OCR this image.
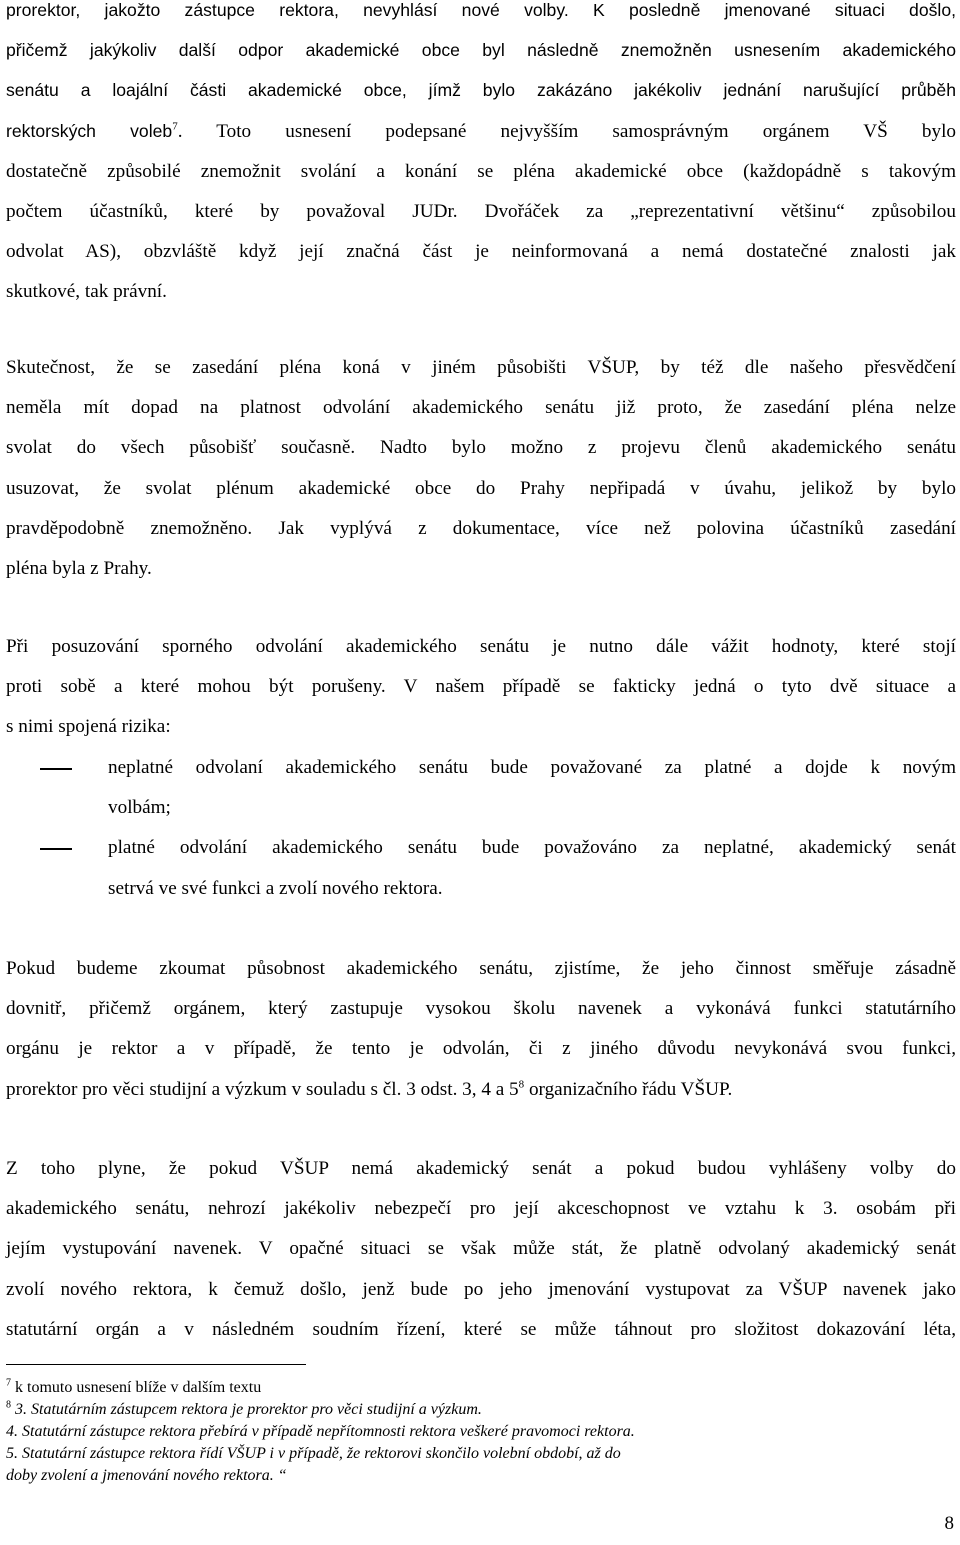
prorektor, jakožto zástupce rektora, nevyhlásí nové volby. K posledně jmenované situaci došlo,
přičemž jakýkoliv další odpor akademické obce byl následně znemožněn usnesením akademického
senátu a loajální části akademické obce, jímž bylo zakázáno jakékoliv jednání narušující průběh
rektorských voleb$^7$. Toto usnesení podepsané nejvyšším samosprávným orgánem VŠ bylo
dostatečně způsobilé znemožnit svolání a konání se pléna akademické obce (každopádně s takovým
počtem účastníků, které by považoval JUDr. Dvořáček za „reprezentativní většinu“ způsobilou
odvolat AS), obzvláště když její značná část je neinformovaná a nemá dostatečné znalosti jak
skutkové, tak právní.
Skutečnost, že se zasedání pléna koná v jiném působišti VŠUP, by též dle našeho přesvědčení
neměla mít dopad na platnost odvolání akademického senátu již proto, že zasedání pléna nelze
svolat do všech působišť současně. Nadto bylo možno z projevu členů akademického senátu
usuzovat, že svolat plénum akademické obce do Prahy nepřipadá v úvahu, jelikož by bylo
pravděpodobně znemožněno. Jak vyplývá z dokumentace, více než polovina účastníků zasedání
pléna byla z Prahy.
Při posuzování sporného odvolání akademického senátu je nutno dále vážit hodnoty, které stojí
proti sobě a které mohou být porušeny. V našem případě se fakticky jedná o tyto dvě situace a
s nimi spojená rizika:
neplatné odvolaní akademického senátu bude považované za platné a dojde k novým
volbám;
platné odvolání akademického senátu bude považováno za neplatné, akademický senát
setrvá ve své funkci a zvolí nového rektora.
Pokud budeme zkoumat působnost akademického senátu, zjistíme, že jeho činnost směřuje zásadně
dovnitř, přičemž orgánem, který zastupuje vysokou školu navenek a vykonává funkci statutárního
orgánu je rektor a v případě, že tento je odvolán, či z jiného důvodu nevykonává svou funkci,
prorektor pro věci studijní a výzkum v souladu s čl. 3 odst. 3, 4 a $5^8$ organizačního řádu VŠUP.
Z toho plyne, že pokud VŠUP nemá akademický senát a pokud budou vyhlášeny volby do
akademického senátu, nehrozí jakékoliv nebezpečí pro její akceschopnost ve vztahu k 3. osobám při
jejím vystupování navenek. V opačné situaci se však může stát, že platně odvolaný akademický senát
zvolí nového rektora, k čemuž došlo, jenž bude po jeho jmenování vystupovat za VŠUP navenek jako
statutární orgán a v následném soudním řízení, které se může táhnout pro složitost dokazování léta,
$^7$ k tomuto usnesení blíže v dalším textu
$^8$ 3. Statutárním zástupcem rektora je prorektor pro věci studijní a výzkum.
4. Statutární zástupce rektora přebírá v případě nepřítomnosti rektora veškeré pravomoci rektora.
5. Statutární zástupce rektora řídí VŠUP i v případě, že rektorovi skončilo volební období, až do
doby zvolení a jmenování nového rektora. “
8
